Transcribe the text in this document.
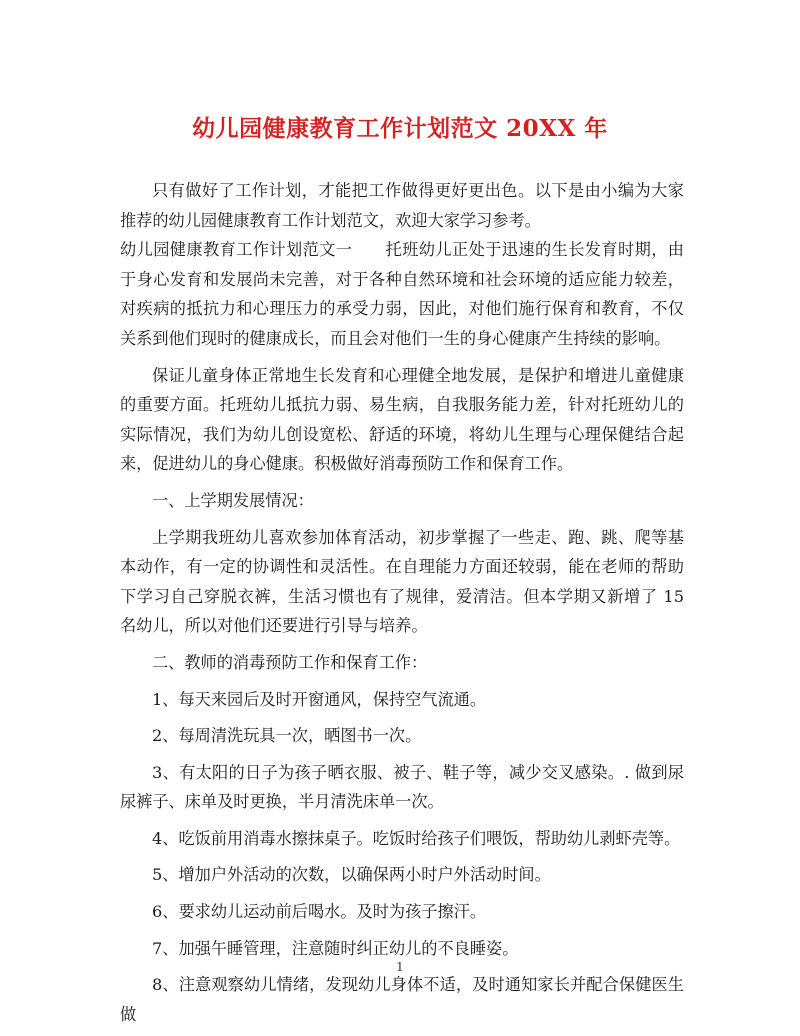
幼儿园健康教育工作计划范文 20XX 年

只有做好了工作计划，才能把工作做得更好更出色。以下是由小编为大家推荐的幼儿园健康教育工作计划范文，欢迎大家学习参考。

幼儿园健康教育工作计划范文一　　托班幼儿正处于迅速的生长发育时期，由于身心发育和发展尚未完善，对于各种自然环境和社会环境的适应能力较差，对疾病的抵抗力和心理压力的承受力弱，因此，对他们施行保育和教育，不仅关系到他们现时的健康成长，而且会对他们一生的身心健康产生持续的影响。

保证儿童身体正常地生长发育和心理健全地发展，是保护和增进儿童健康的重要方面。托班幼儿抵抗力弱、易生病，自我服务能力差，针对托班幼儿的实际情况，我们为幼儿创设宽松、舒适的环境，将幼儿生理与心理保健结合起来，促进幼儿的身心健康。积极做好消毒预防工作和保育工作。

一、上学期发展情况：

上学期我班幼儿喜欢参加体育活动，初步掌握了一些走、跑、跳、爬等基本动作，有一定的协调性和灵活性。在自理能力方面还较弱，能在老师的帮助下学习自己穿脱衣裤，生活习惯也有了规律，爱清洁。但本学期又新增了 15 名幼儿，所以对他们还要进行引导与培养。

二、教师的消毒预防工作和保育工作：

1、每天来园后及时开窗通风，保持空气流通。

2、每周清洗玩具一次，晒图书一次。

3、有太阳的日子为孩子晒衣服、被子、鞋子等，减少交叉感染。. 做到尿尿裤子、床单及时更换，半月清洗床单一次。

4、吃饭前用消毒水擦抹桌子。吃饭时给孩子们喂饭，帮助幼儿剥虾壳等。

5、增加户外活动的次数，以确保两小时户外活动时间。

6、要求幼儿运动前后喝水。及时为孩子擦汗。

7、加强午睡管理，注意随时纠正幼儿的不良睡姿。

8、注意观察幼儿情绪，发现幼儿身体不适，及时通知家长并配合保健医生做

1
